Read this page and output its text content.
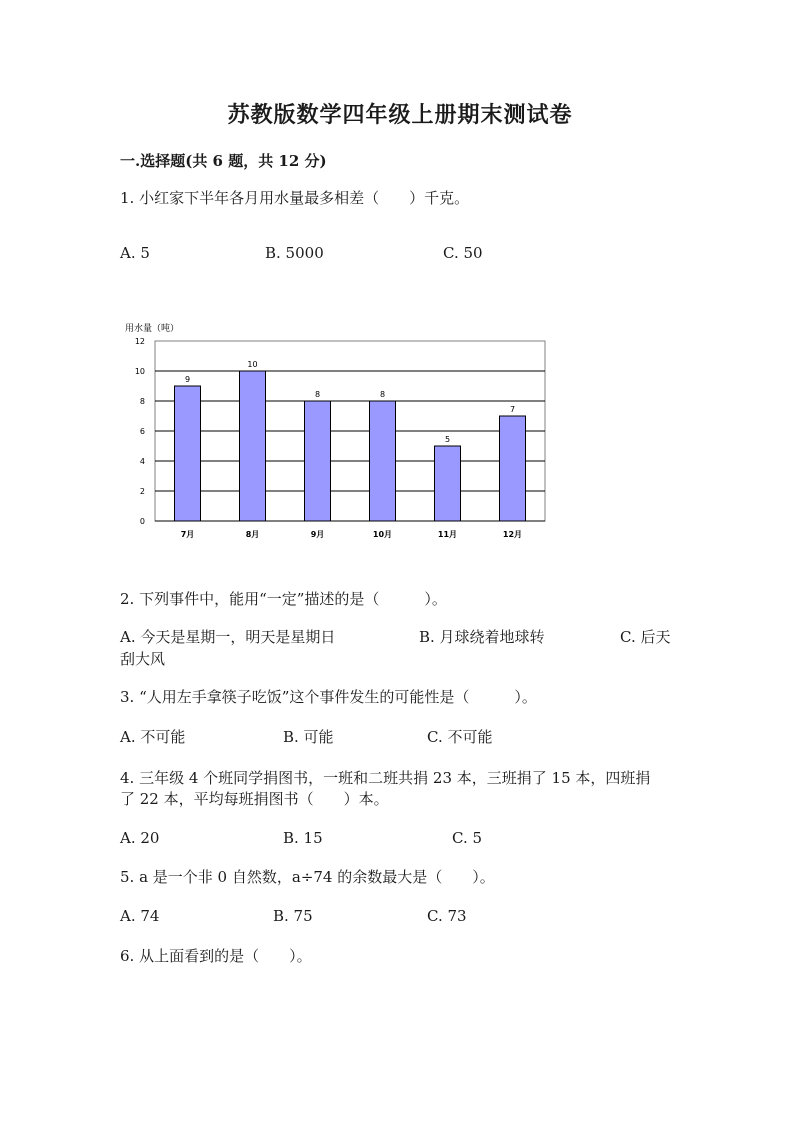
苏教版数学四年级上册期末测试卷
一.选择题(共 6 题，共 12 分)
1. 小红家下半年各月用水量最多相差（　　）千克。
A. 5	B. 5000	C. 50
0
2
4
6
8
10
12
9
7月
10
8月
8
9月
8
10月
5
11月
7
12月
用水量（吨）
2. 下列事件中，能用“一定”描述的是（　　　）。
A. 今天是星期一，明天是星期日	B. 月球绕着地球转	C. 后天
刮大风
3. “人用左手拿筷子吃饭”这个事件发生的可能性是（　　　）。
A. 不可能	B. 可能	C. 不可能
4. 三年级 4 个班同学捐图书，一班和二班共捐 23 本，三班捐了 15 本，四班捐
了 22 本，平均每班捐图书（　　）本。
A. 20	B. 15	C. 5
5. a 是一个非 0 自然数，a÷74 的余数最大是（　　）。
A. 74	B. 75	C. 73
6. 从上面看到的是（　　）。
